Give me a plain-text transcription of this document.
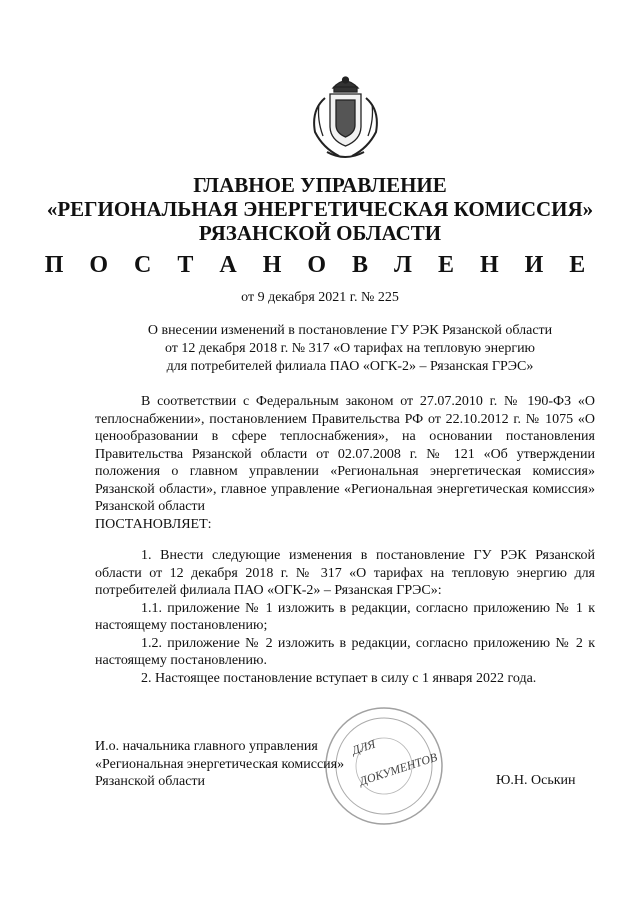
ГЛАВНОЕ УПРАВЛЕНИЕ
«РЕГИОНАЛЬНАЯ ЭНЕРГЕТИЧЕСКАЯ КОМИССИЯ»
РЯЗАНСКОЙ ОБЛАСТИ
П О С Т А Н О В Л Е Н И Е
от 9 декабря 2021 г. № 225
О внесении изменений в постановление ГУ РЭК Рязанской области
от 12 декабря 2018 г. № 317 «О тарифах на тепловую энергию
для потребителей филиала ПАО «ОГК-2» – Рязанская ГРЭС»
В соответствии с Федеральным законом от 27.07.2010 г. № 190-ФЗ «О теплоснабжении», постановлением Правительства РФ от 22.10.2012 г. № 1075 «О ценообразовании в сфере теплоснабжения», на основании постановления Правительства Рязанской области от 02.07.2008 г. № 121 «Об утверждении положения о главном управлении «Региональная энергетическая комиссия» Рязанской области», главное управление «Региональная энергетическая комиссия» Рязанской области
ПОСТАНОВЛЯЕТ:
1. Внести следующие изменения в постановление ГУ РЭК Рязанской области от 12 декабря 2018 г. № 317 «О тарифах на тепловую энергию для потребителей филиала ПАО «ОГК-2» – Рязанская ГРЭС»:
1.1. приложение № 1 изложить в редакции, согласно приложению № 1 к настоящему постановлению;
1.2. приложение № 2 изложить в редакции, согласно приложению № 2 к настоящему постановлению.
2. Настоящее постановление вступает в силу с 1 января 2022 года.
ДЛЯ
ДОКУМЕНТОВ
И.о. начальника главного управления
«Региональная энергетическая комиссия»
Рязанской области	Ю.Н. Оськин
